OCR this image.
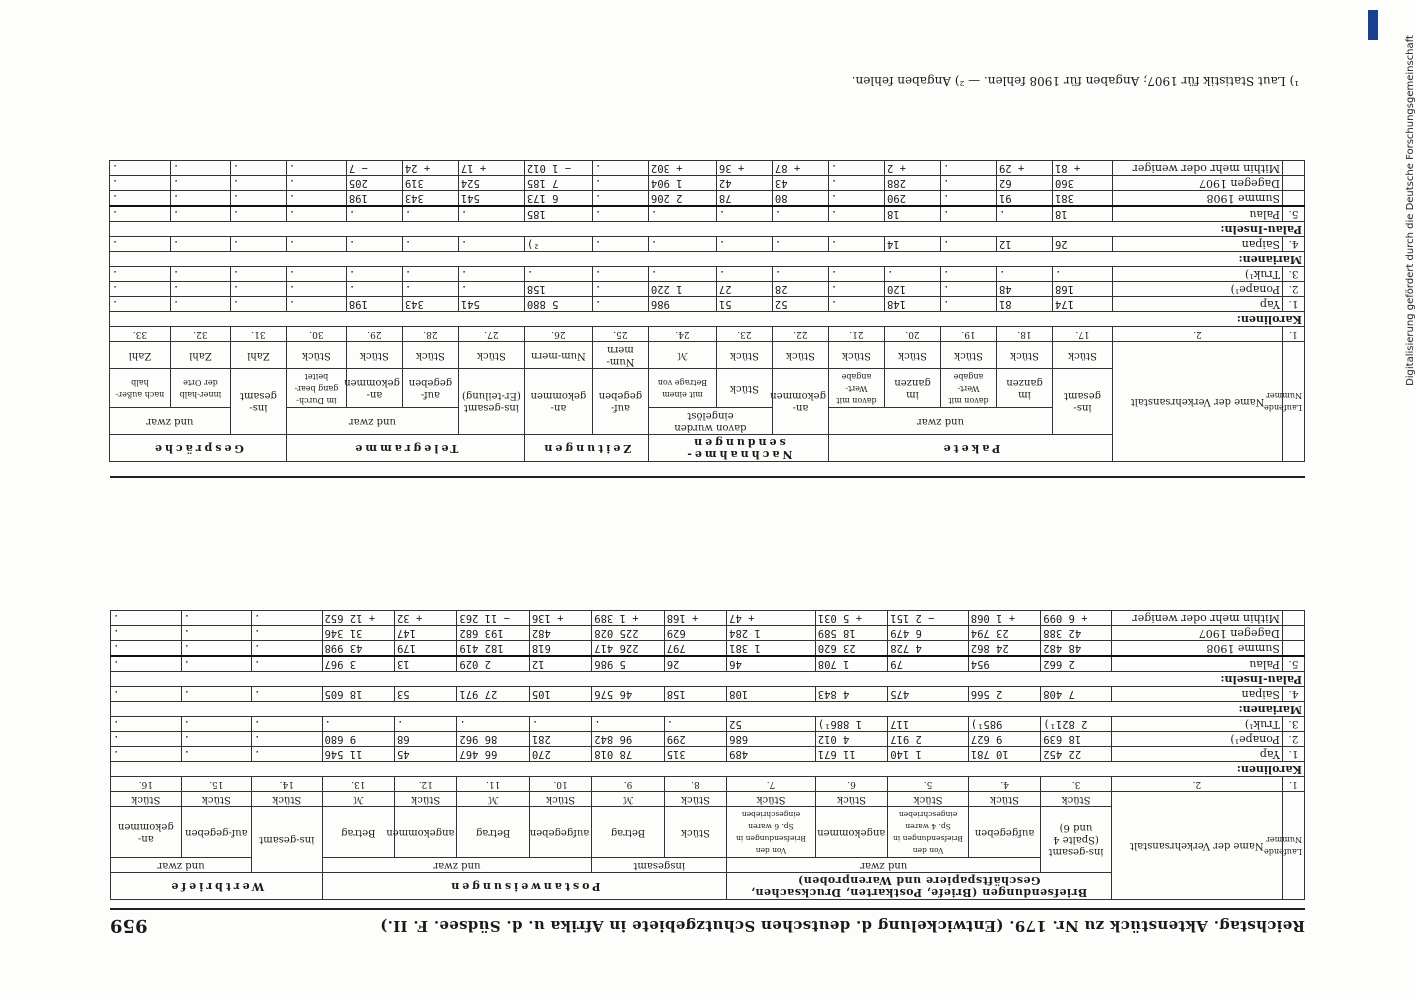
Reichstag. Aktenstück zu Nr. 179. (Entwickelung d. deutschen Schutzgebiete in Afrika u. d. Südsee. F. II.)
959
Laufende Nummer	Name der Verkehrsanstalt	Briefsendungen (Briefe, Postkarten, Drucksachen, Geschäftspapiere und Warenproben)					Postanweisungen						Wertbriefe		
		ins-gesamt (Spalte 4 und 6)	und zwar				insgesamt		und zwar				ins-gesamt	und zwar	
			aufgegeben	Von den Briefsendungen in Sp. 4 waren eingeschrieben	angekommen	Von den Briefsendungen in Sp. 6 waren eingeschrieben	Stück	Betrag	aufgegeben	Betrag	angekommen	Betrag		auf-gegeben	an-gekommen
		Stück	Stück	Stück	Stück	Stück	Stück	ℳ	Stück	ℳ	Stück	ℳ	Stück	Stück	Stück
1.	2.	3.	4.	5.	6.	7.	8.	9.	10.	11.	12.	13.	14.	15.	16.
Karolinen:															
1.	Yap	22 452	10 781	1 140	11 671	489	315	78 018	270	66 467	45	11 546	.	.	.
2.	Ponape¹)	18 639	9 627	2 917	4 012	686	299	96 842	281	86 962	68	9 680	.	.	.
3.	Truk¹)	2 821¹)	985¹)	117	1 886¹)	52	.	.	.	.	.	.	.	.	.
Marianen:															
4.	Saipan	7 408	2 566	475	4 843	108	158	46 576	105	27 971	53	18 605	.	.	.
Palau-Inseln:															
5.	Palau	2 662	954	79	1 708	46	26	5 986	12	2 029	13	3 967	.	.	.
	Summe 1908	48 482	24 862	4 728	23 620	1 381	797	226 417	618	182 419	179	43 998	.	.	.
	Dagegen 1907	42 388	23 794	6 479	18 589	1 284	629	225 028	482	193 682	147	31 346	.	.	.
	Mithin mehr oder weniger	+ 6 099	+ 1 068	− 2 151	+ 5 031	+ 47	+ 168	+ 1 389	+ 136	− 11 263	+ 32	+ 12 652	.	.	.
Laufende Nummer	Name der Verkehrsanstalt	Pakete					Nachnahme-sendungen			Zeitungen		Telegramme				Gespräche		
		ins-gesamt	und zwar				an-gekommen	davon wurden eingelöst		auf-gegeben	an-gekommen	ins-gesamt (Er-teilung)	und zwar			ins-gesamt	und zwar	
			im ganzen	davon mit Wert-angabe	im ganzen	davon mit Wert-angabe		Stück	mit einem Betrage von				auf-gegeben	an-gekommen	im Durch-gang bear-beitet		inner-halb der Orte	nach außer-halb
		Stück	Stück	Stück	Stück	Stück	Stück	Stück	ℳ	Num-mern	Num-mern	Stück	Stück	Stück	Stück	Zahl	Zahl	Zahl
1.	2.	17.	18.	19.	20.	21.	22.	23.	24.	25.	26.	27.	28.	29.	30.	31.	32.	33.
Karolinen:																		
1.	Yap	174	81	.	148	.	52	51	986	.	5 880	541	343	198	.	.	.	.
2.	Ponape¹)	168	48	.	120	.	28	27	1 220	.	158	.	.	.	.	.	.	.
3.	Truk¹)	.	.	.	.	.	.	.	.	.	.	.	.	.	.	.	.	.
Marianen:																		
4.	Saipan	26	12	.	14	.	.	.	.	.	²)	.	.	.	.	.	.	.
Palau-Inseln:																		
5.	Palau	18	.	.	18	.	.	.	.	.	185	.	.	.	.	.	.	.
	Summe 1908	381	91	.	290	.	80	78	2 206	.	6 173	541	343	198	.	.	.	.
	Dagegen 1907	360	62	.	288	.	43	42	1 904	.	7 185	524	319	205	.	.	.	.
	Mithin mehr oder weniger	+ 81	+ 29	.	+ 2	.	+ 87	+ 36	+ 302	.	− 1 012	+ 17	+ 24	− 7	.	.	.	.
¹) Laut Statistik für 1907; Angaben für 1908 fehlen. — ²) Angaben fehlen.
DFG
Digitalisierung gefördert durch die Deutsche Forschungsgemeinschaft
